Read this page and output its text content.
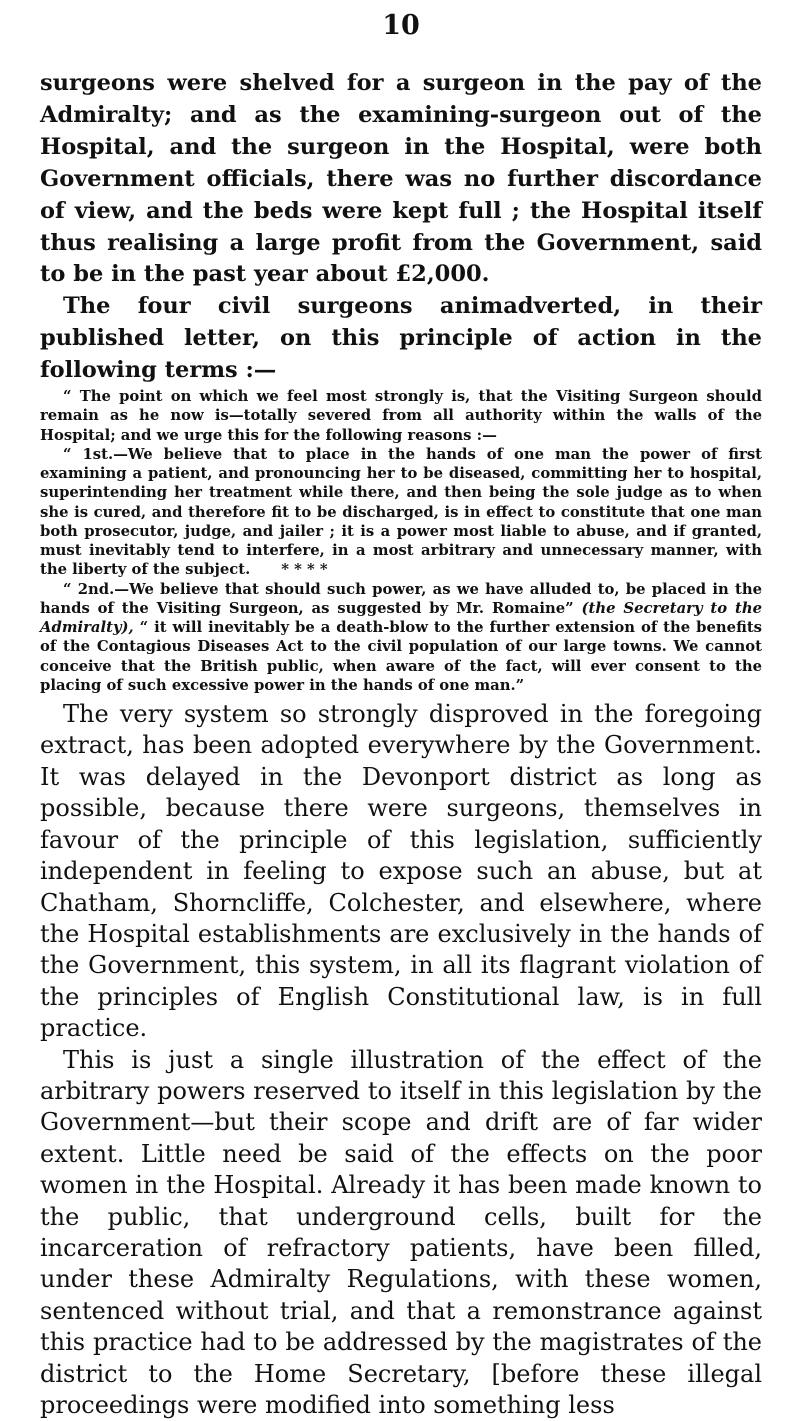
10

surgeons were shelved for a surgeon in the pay of the Admiralty; and as the examining-surgeon out of the Hospital, and the surgeon in the Hospital, were both Government officials, there was no further discordance of view, and the beds were kept full ; the Hospital itself thus realising a large profit from the Government, said to be in the past year about £2,000.

The four civil surgeons animadverted, in their published letter, on this principle of action in the following terms :—

“ The point on which we feel most strongly is, that the Visiting Surgeon should remain as he now is—totally severed from all authority within the walls of the Hospital; and we urge this for the following reasons :—

“ 1st.—We believe that to place in the hands of one man the power of first examining a patient, and pronouncing her to be diseased, committing her to hospital, superintending her treatment while there, and then being the sole judge as to when she is cured, and therefore fit to be discharged, is in effect to constitute that one man both prosecutor, judge, and jailer ; it is a power most liable to abuse, and if granted, must inevitably tend to interfere, in a most arbitrary and unnecessary manner, with the liberty of the subject. * * * *

“ 2nd.—We believe that should such power, as we have alluded to, be placed in the hands of the Visiting Surgeon, as suggested by Mr. Romaine” (the Secretary to the Admiralty), “ it will inevitably be a death-blow to the further extension of the benefits of the Contagious Diseases Act to the civil population of our large towns. We cannot conceive that the British public, when aware of the fact, will ever consent to the placing of such excessive power in the hands of one man.”

The very system so strongly disproved in the foregoing extract, has been adopted everywhere by the Government. It was delayed in the Devonport district as long as possible, because there were surgeons, themselves in favour of the principle of this legislation, sufficiently independent in feeling to expose such an abuse, but at Chatham, Shorncliffe, Colchester, and elsewhere, where the Hospital establishments are exclusively in the hands of the Government, this system, in all its flagrant violation of the principles of English Constitutional law, is in full practice.

This is just a single illustration of the effect of the arbitrary powers reserved to itself in this legislation by the Government—but their scope and drift are of far wider extent. Little need be said of the effects on the poor women in the Hospital. Already it has been made known to the public, that underground cells, built for the incarceration of refractory patients, have been filled, under these Admiralty Regulations, with these women, sentenced without trial, and that a remonstrance against this practice had to be addressed by the magistrates of the district to the Home Secretary, [before these illegal proceedings were modified into something less
